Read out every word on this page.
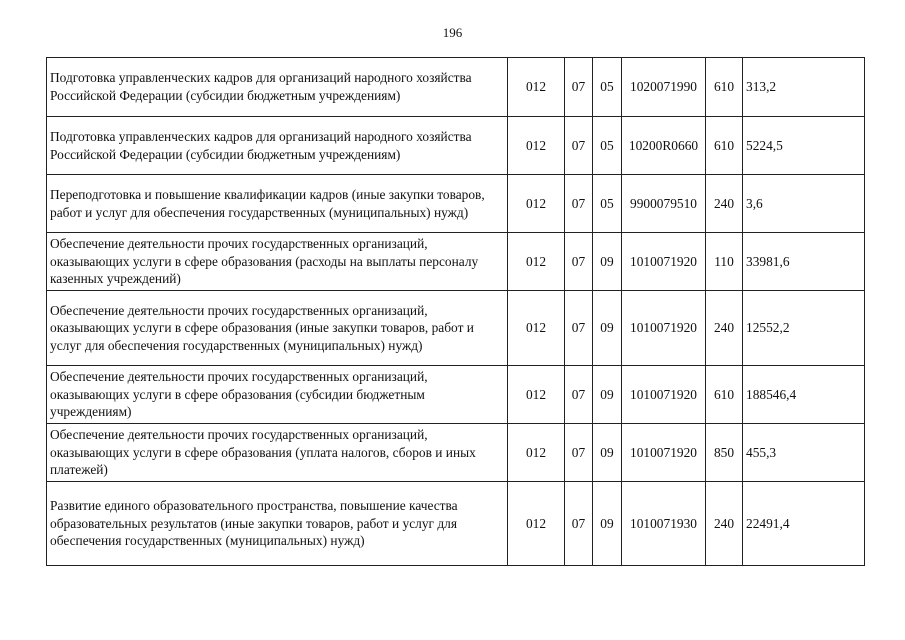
196
Подготовка управленческих кадров для организаций народного хозяйства Российской Федерации (субсидии бюджетным учреждениям)	012	07	05	1020071990	610	313,2
Подготовка управленческих кадров для организаций народного хозяйства Российской Федерации (субсидии бюджетным учреждениям)	012	07	05	10200R0660	610	5224,5
Переподготовка и повышение квалификации кадров (иные закупки товаров, работ и услуг для обеспечения государственных (муниципальных) нужд)	012	07	05	9900079510	240	3,6
Обеспечение деятельности прочих государственных организаций, оказывающих услуги в сфере образования (расходы на выплаты персоналу казенных учреждений)	012	07	09	1010071920	110	33981,6
Обеспечение деятельности прочих государственных организаций, оказывающих услуги в сфере образования (иные закупки товаров, работ и услуг для обеспечения государственных (муниципальных) нужд)	012	07	09	1010071920	240	12552,2
Обеспечение деятельности прочих государственных организаций, оказывающих услуги в сфере образования (субсидии бюджетным учреждениям)	012	07	09	1010071920	610	188546,4
Обеспечение деятельности прочих государственных организаций, оказывающих услуги в сфере образования (уплата налогов, сборов и иных платежей)	012	07	09	1010071920	850	455,3
Развитие единого образовательного пространства, повышение качества образовательных результатов (иные закупки товаров, работ и услуг для обеспечения государственных (муниципальных) нужд)	012	07	09	1010071930	240	22491,4
